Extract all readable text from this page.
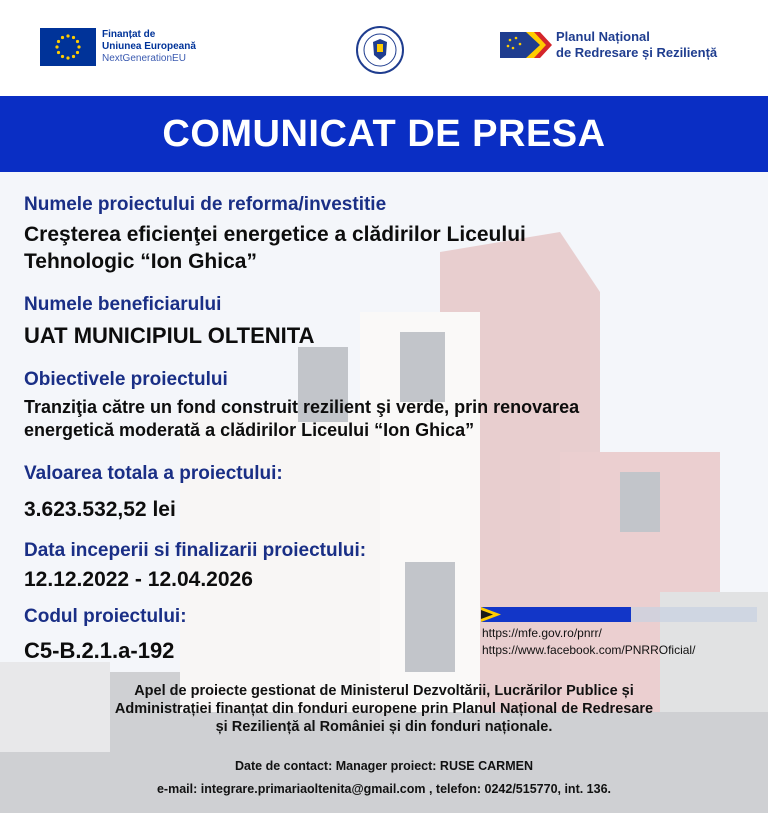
Finanțat de
Uniunea Europeană
NextGenerationEU
Planul Național
de Redresare și Reziliență
COMUNICAT DE PRESA
Numele proiectului de reforma/investitie
Creşterea eficienţei energetice a clădirilor Liceului
Tehnologic “Ion Ghica”
Numele beneficiarului
UAT MUNICIPIUL OLTENITA
Obiectivele proiectului
Tranziţia către un fond construit rezilient şi verde, prin renovarea
energetică moderată a clădirilor Liceului “Ion Ghica”
Valoarea totala a proiectului:
3.623.532,52 lei
Data inceperii si finalizarii proiectului:
12.12.2022 - 12.04.2026
Codul proiectului:
C5-B.2.1.a-192
https://mfe.gov.ro/pnrr/
https://www.facebook.com/PNRROficial/
Apel de proiecte gestionat de Ministerul Dezvoltării, Lucrărilor Publice și
Administrației finanțat din fonduri europene prin Planul Național de Redresare
și Reziliență al României și din fonduri naționale.
Date de contact: Manager proiect: RUSE CARMEN
e-mail: integrare.primariaoltenita@gmail.com , telefon: 0242/515770, int. 136.
